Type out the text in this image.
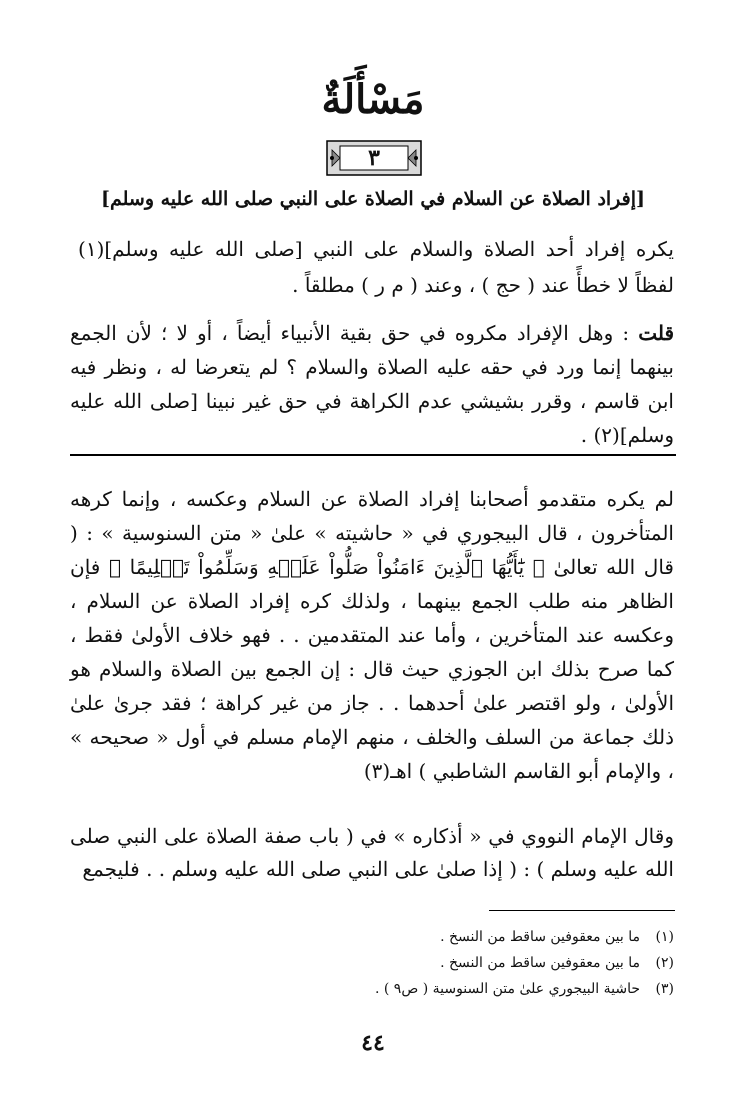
مَسْأَلَةٌ
٣
[إفراد الصلاة عن السلام في الصلاة على النبي صلى الله عليه وسلم]
يكره إفراد أحد الصلاة والسلام على النبي [صلى الله عليه وسلم](١) لفظاً لا خطأً عند ( حج ) ، وعند ( م ر ) مطلقاً .
قلت : وهل الإفراد مكروه في حق بقية الأنبياء أيضاً ، أو لا ؛ لأن الجمع بينهما إنما ورد في حقه عليه الصلاة والسلام ؟ لم يتعرضا له ، ونظر فيه ابن قاسم ، وقرر بشيشي عدم الكراهة في حق غير نبينا [صلى الله عليه وسلم](٢) .
لم يكره متقدمو أصحابنا إفراد الصلاة عن السلام وعكسه ، وإنما كرهه المتأخرون ، قال البيجوري في « حاشيته » علىٰ « متن السنوسية » : ( قال الله تعالىٰ ﴿ يَٰٓأَيُّهَا ٱلَّذِينَ ءَامَنُواْ صَلُّواْ عَلَيۡهِ وَسَلِّمُواْ تَسۡلِيمًا ﴾ فإن الظاهر منه طلب الجمع بينهما ، ولذلك كره إفراد الصلاة عن السلام ، وعكسه عند المتأخرين ، وأما عند المتقدمين . . فهو خلاف الأولىٰ فقط ، كما صرح بذلك ابن الجوزي حيث قال : إن الجمع بين الصلاة والسلام هو الأولىٰ ، ولو اقتصر علىٰ أحدهما . . جاز من غير كراهة ؛ فقد جرىٰ علىٰ ذلك جماعة من السلف والخلف ، منهم الإمام مسلم في أول « صحيحه » ، والإمام أبو القاسم الشاطبي ) اهـ(٣)
وقال الإمام النووي في « أذكاره » في ( باب صفة الصلاة على النبي صلى الله عليه وسلم ) : ( إذا صلىٰ على النبي صلى الله عليه وسلم . . فليجمع
(١)ما بين معقوفين ساقط من النسخ .
(٢)ما بين معقوفين ساقط من النسخ .
(٣)حاشية البيجوري علىٰ متن السنوسية ( ص٩ ) .
٤٤
